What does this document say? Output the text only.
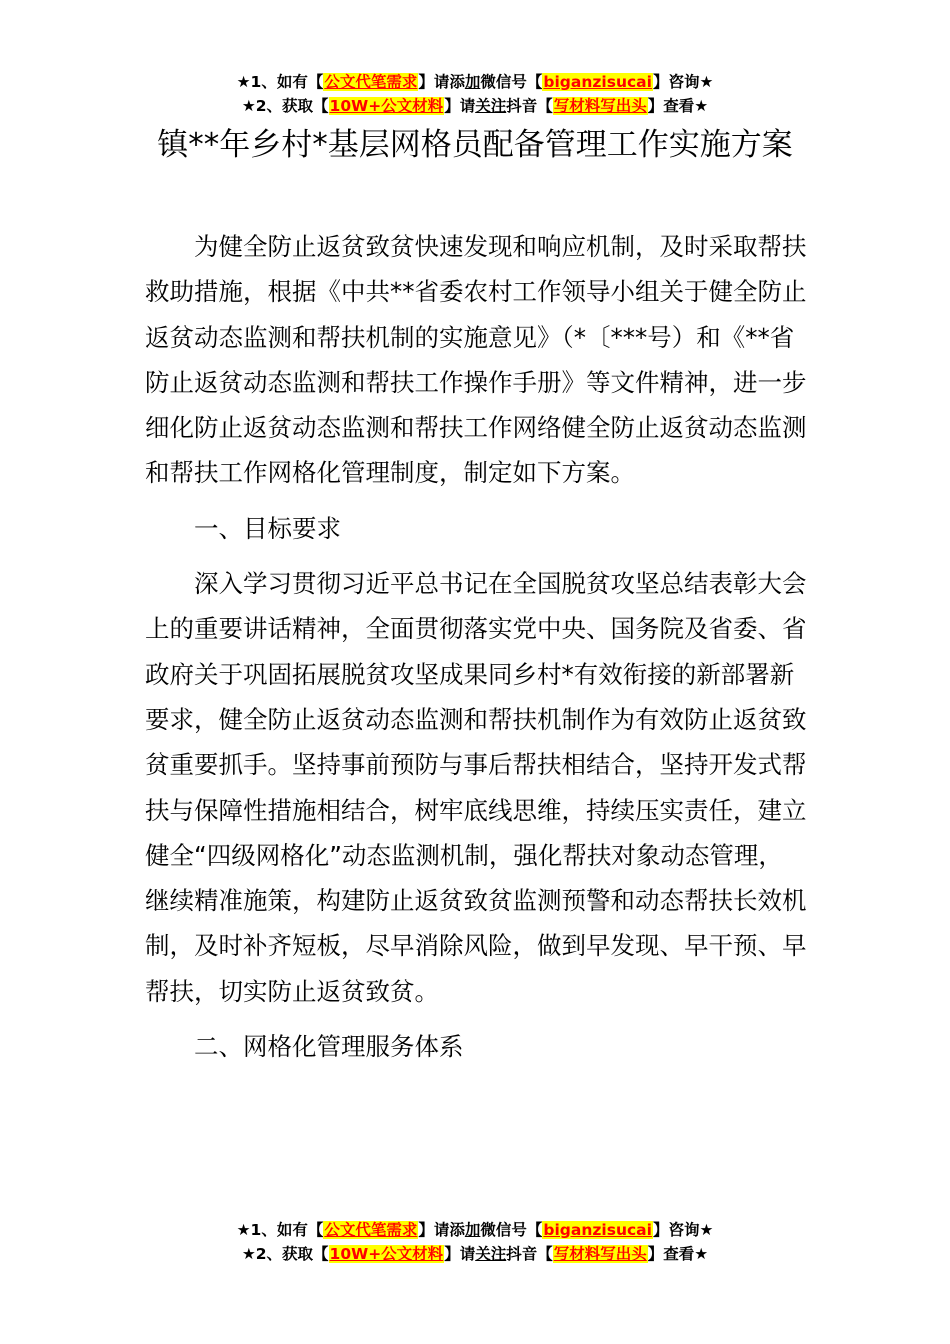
★1、如有【公文代笔需求】请添加微信号【biganzisucai】咨询★
★2、获取【10W+公文材料】请关注抖音【写材料写出头】查看★
镇**年乡村*基层网格员配备管理工作实施方案

为健全防止返贫致贫快速发现和响应机制，及时采取帮扶救助措施，根据《中共**省委农村工作领导小组关于健全防止返贫动态监测和帮扶机制的实施意见》（*〔***号）和《**省防止返贫动态监测和帮扶工作操作手册》等文件精神，进一步细化防止返贫动态监测和帮扶工作网络健全防止返贫动态监测和帮扶工作网格化管理制度，制定如下方案。

一、目标要求

深入学习贯彻习近平总书记在全国脱贫攻坚总结表彰大会上的重要讲话精神，全面贯彻落实党中央、国务院及省委、省政府关于巩固拓展脱贫攻坚成果同乡村*有效衔接的新部署新要求，健全防止返贫动态监测和帮扶机制作为有效防止返贫致贫重要抓手。坚持事前预防与事后帮扶相结合，坚持开发式帮扶与保障性措施相结合，树牢底线思维，持续压实责任，建立健全“四级网格化”动态监测机制，强化帮扶对象动态管理，继续精准施策，构建防止返贫致贫监测预警和动态帮扶长效机制，及时补齐短板，尽早消除风险，做到早发现、早干预、早帮扶，切实防止返贫致贫。

二、网格化管理服务体系

★1、如有【公文代笔需求】请添加微信号【biganzisucai】咨询★
★2、获取【10W+公文材料】请关注抖音【写材料写出头】查看★
